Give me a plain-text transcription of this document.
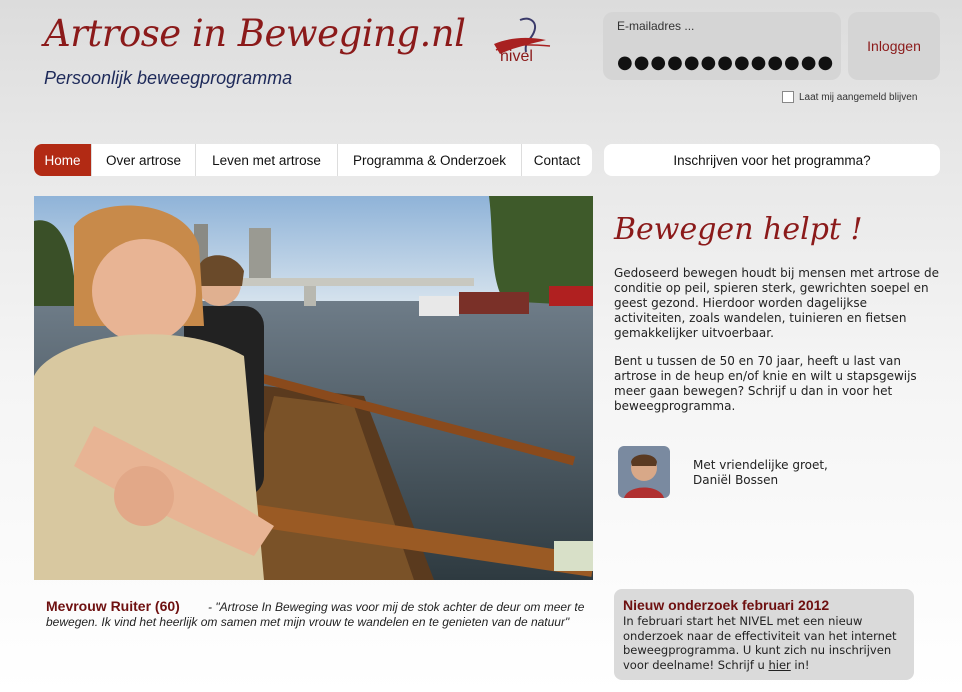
Artrose in Beweging.nl
Persoonlijk beweegprogramma
nivel
E-mailadres ...
●●●●●●●●●●●●●
Inloggen
Laat mij aangemeld blijven
Home	Over artrose	Leven met artrose	Programma & Onderzoek	Contact	Inschrijven voor het programma?
Bewegen helpt !

Gedoseerd bewegen houdt bij mensen met artrose de conditie op peil, spieren sterk, gewrichten soepel en geest gezond. Hierdoor worden dagelijkse activiteiten, zoals wandelen, tuinieren en fietsen gemakkelijker uitvoerbaar.

Bent u tussen de 50 en 70 jaar, heeft u last van artrose in de heup en/of knie en wilt u stapsgewijs meer gaan bewegen? Schrijf u dan in voor het beweegprogramma.

Met vriendelijke groet,
Daniël Bossen
Mevrouw Ruiter (60)	- "Artrose In Beweging was voor mij de stok achter de deur om meer te bewegen. Ik vind het heerlijk om samen met mijn vrouw te wandelen en te genieten van de natuur"

Nieuw onderzoek februari 2012

In februari start het NIVEL met een nieuw onderzoek naar de effectiviteit van het internet beweegprogramma. U kunt zich nu inschrijven voor deelname! Schrijf u hier in!
